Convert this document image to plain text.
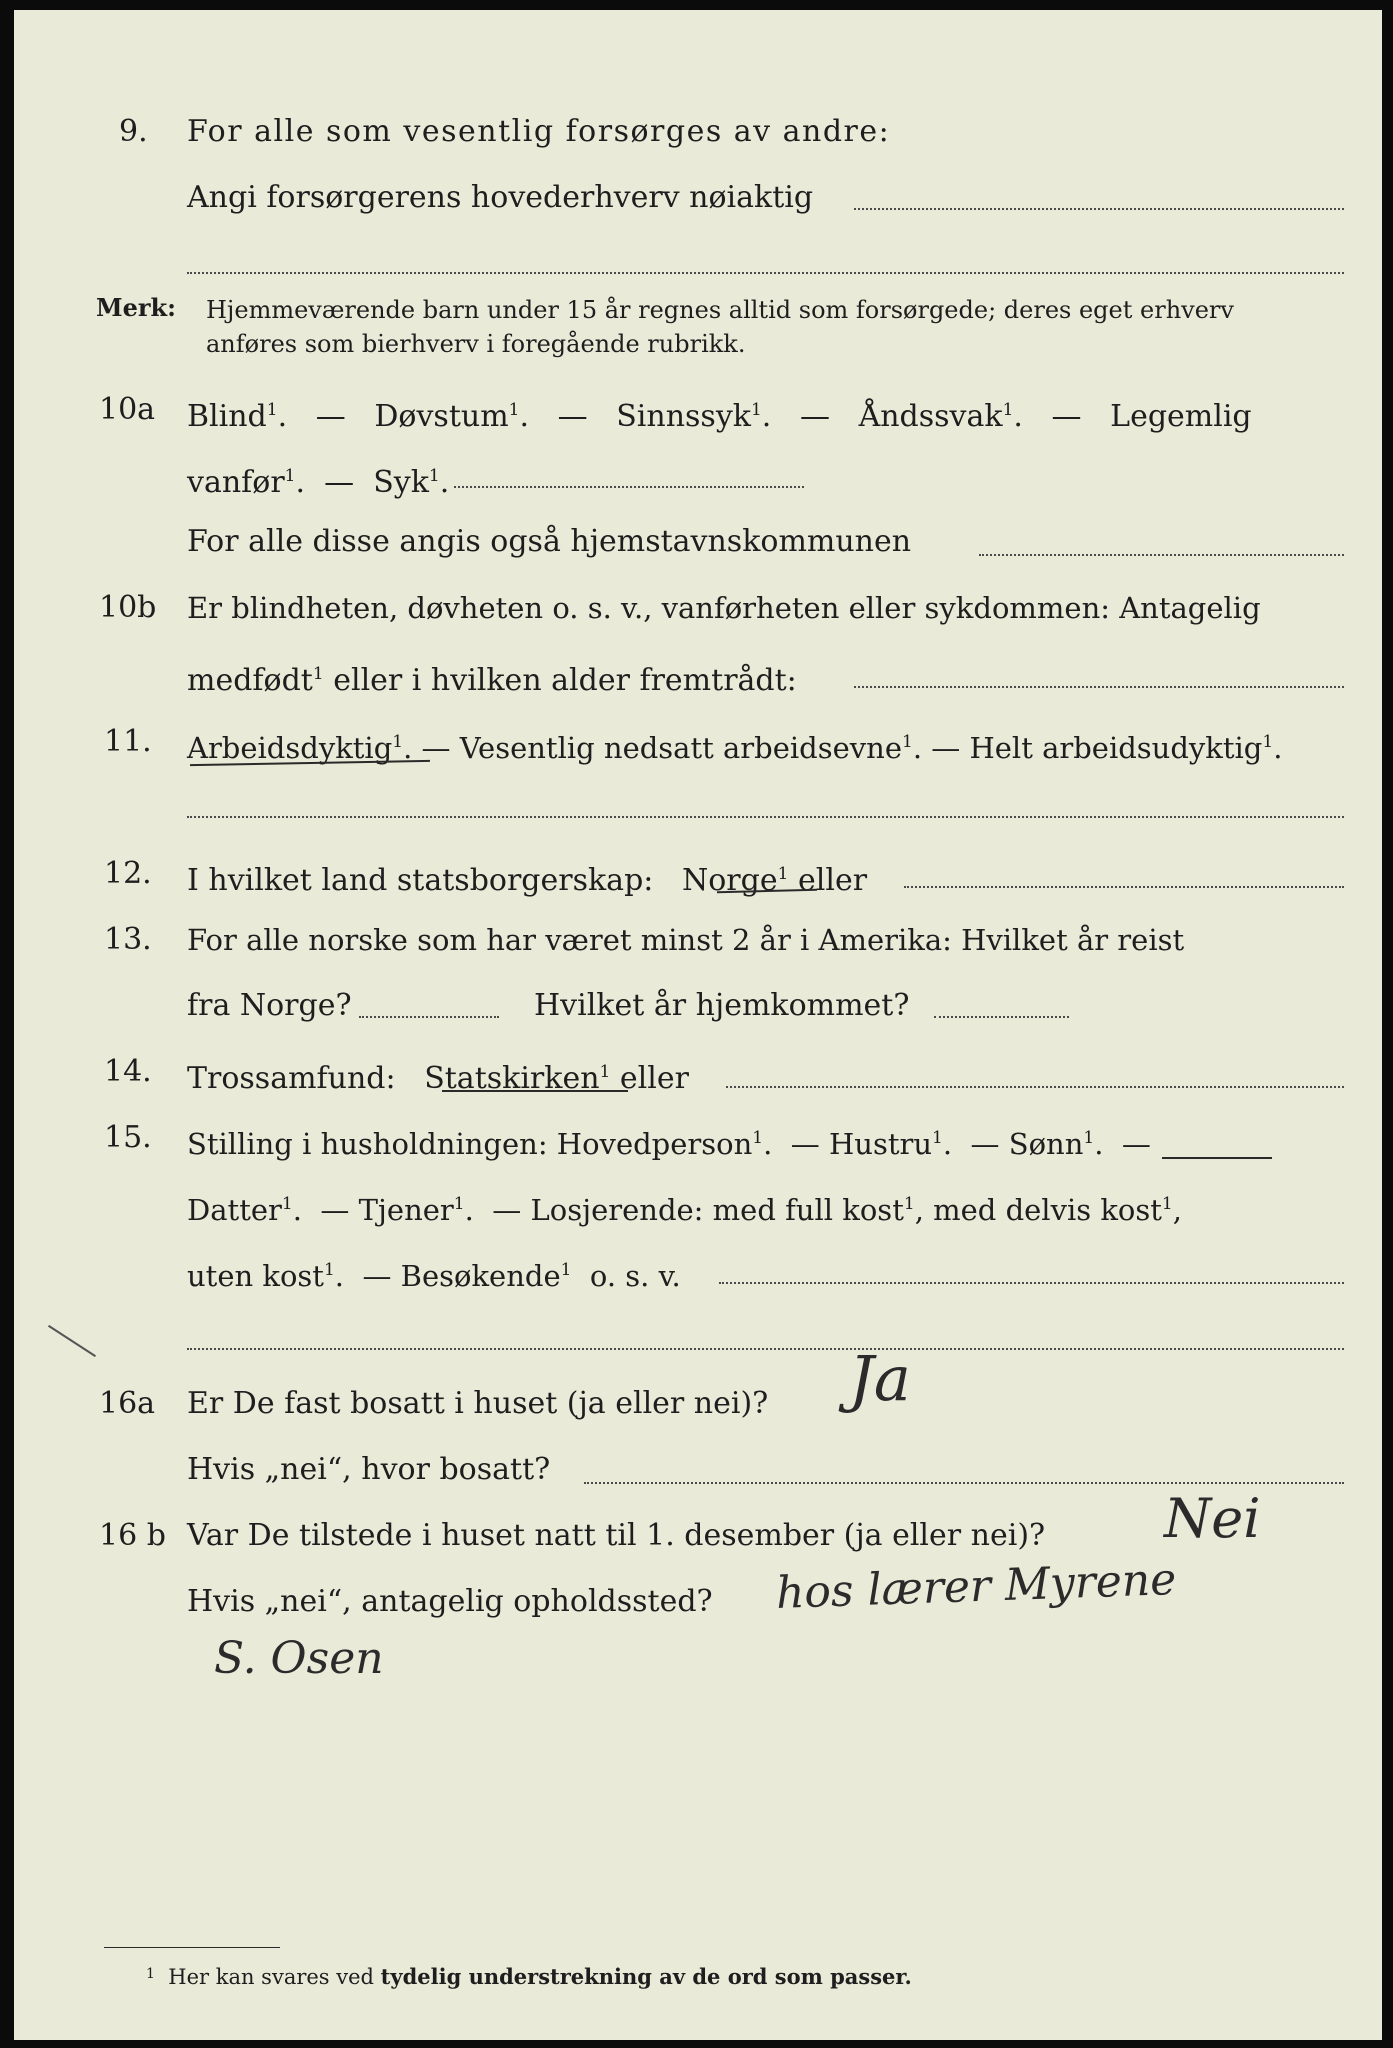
9. For alle som vesentlig forsørges av andre:
Angi forsørgerens hovederhverv nøiaktig
Merk: Hjemmeværende barn under 15 år regnes alltid som forsørgede; deres eget erhverv
anføres som bierhverv i foregående rubrikk.
10a Blind$^1$.   — Døvstum$^1$.   — Sinnssyk$^1$.   — Åndssvak$^1$.   — Legemlig
vanfør$^1$.  — Syk$^1$.
For alle disse angis også hjemstavnskommunen
10b Er blindheten, døvheten o. s. v., vanførheten eller sykdommen: Antagelig
medfødt$^1$ eller i hvilken alder fremtrådt:
11. Arbeidsdyktig$^1$. — Vesentlig nedsatt arbeidsevne$^1$. — Helt arbeidsudyktig$^1$.
12. I hvilket land statsborgerskap: Norge$^1$ eller
13. For alle norske som har været minst 2 år i Amerika: Hvilket år reist
fra Norge?	Hvilket år hjemkommet?
14. Trossamfund: Statskirken$^1$ eller
15. Stilling i husholdningen: Hovedperson$^1$.  — Hustru$^1$.  — Sønn$^1$.  —
Datter$^1$.  — Tjener$^1$.  — Losjerende: med full kost$^1$, med delvis kost$^1$,
uten kost$^1$.  — Besøkende$^1$ o. s. v.
16a Er De fast bosatt i huset (ja eller nei)? Ja
Hvis „nei“, hvor bosatt?
16 b Var De tilstede i huset natt til 1. desember (ja eller nei)? Nei
Hvis „nei“, antagelig opholdssted? hos lærer Myrene
S. Osen
$^1$ Her kan svares ved tydelig understrekning av de ord som passer.
